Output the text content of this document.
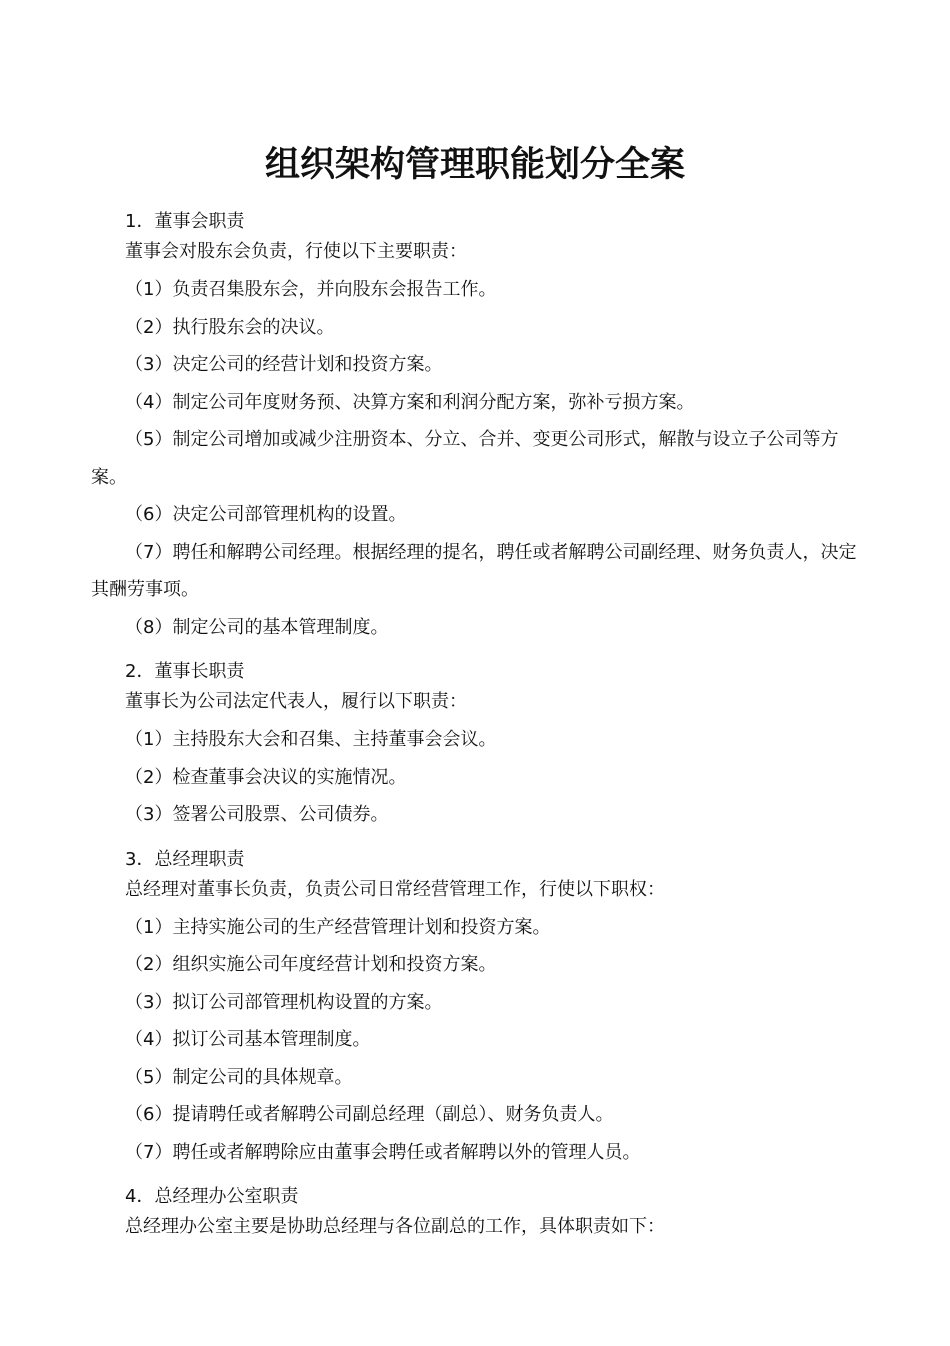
组织架构管理职能划分全案

1．董事会职责

董事会对股东会负责，行使以下主要职责：

（1）负责召集股东会，并向股东会报告工作。

（2）执行股东会的决议。

（3）决定公司的经营计划和投资方案。

（4）制定公司年度财务预、决算方案和利润分配方案，弥补亏损方案。

（5）制定公司增加或减少注册资本、分立、合并、变更公司形式，解散与设立子公司等方案。

（6）决定公司部管理机构的设置。

（7）聘任和解聘公司经理。根据经理的提名，聘任或者解聘公司副经理、财务负责人，决定其酬劳事项。

（8）制定公司的基本管理制度。

2．董事长职责

董事长为公司法定代表人，履行以下职责：

（1）主持股东大会和召集、主持董事会会议。

（2）检查董事会决议的实施情况。

（3）签署公司股票、公司债券。

3．总经理职责

总经理对董事长负责，负责公司日常经营管理工作，行使以下职权：

（1）主持实施公司的生产经营管理计划和投资方案。

（2）组织实施公司年度经营计划和投资方案。

（3）拟订公司部管理机构设置的方案。

（4）拟订公司基本管理制度。

（5）制定公司的具体规章。

（6）提请聘任或者解聘公司副总经理（副总）、财务负责人。

（7）聘任或者解聘除应由董事会聘任或者解聘以外的管理人员。

4．总经理办公室职责

总经理办公室主要是协助总经理与各位副总的工作，具体职责如下：
